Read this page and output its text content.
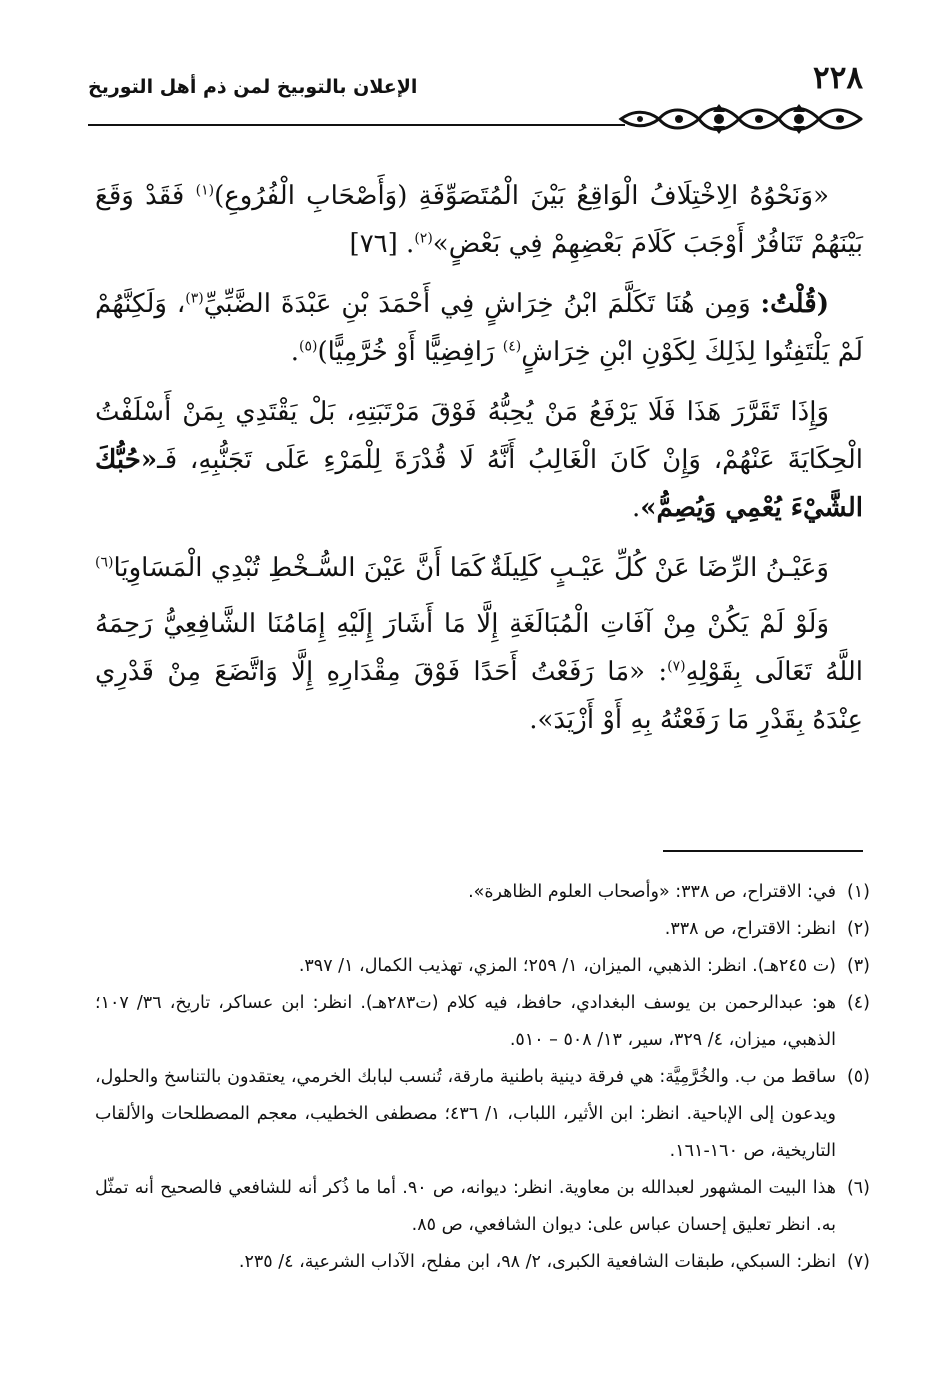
٢٢٨
الإعلان بالتوبيخ لمن ذم أهل التوريخ

«وَنَحْوُهُ الِاخْتِلَافُ الْوَاقِعُ بَيْنَ الْمُتَصَوِّفَةِ (وَأَصْحَابِ الْفُرُوعِ)$^{(١)}$ فَقَدْ وَقَعَ بَيْنَهُمْ تَنَافُرٌ أَوْجَبَ كَلَامَ بَعْضِهِمْ فِي بَعْضٍ»$^{(٢)}$. [٧٦]

(قُلْتُ: وَمِن هُنَا تَكَلَّمَ ابْنُ خِرَاشٍ فِي أَحْمَدَ بْنِ عَبْدَةَ الضَّبِّيِّ$^{(٣)}$، وَلَكِنَّهُمْ لَمْ يَلْتَفِتُوا لِذَلِكَ لِكَوْنِ ابْنِ خِرَاشٍ$^{(٤)}$ رَافِضِيًّا أَوْ خُرَّمِيًّا)$^{(٥)}$.

وَإِذَا تَقَرَّرَ هَذَا فَلَا يَرْفَعُ مَنْ يُحِبُّهُ فَوْقَ مَرْتَبَتِهِ، بَلْ يَقْتَدِي بِمَنْ أَسْلَفْتُ الْحِكَايَةَ عَنْهُمْ، وَإِنْ كَانَ الْغَالِبُ أَنَّهُ لَا قُدْرَةَ لِلْمَرْءِ عَلَى تَجَنُّبِهِ، فَـ«حُبُّكَ الشَّيْءَ يُعْمِي وَيُصِمُّ».

وَعَيْـنُ الرِّضَا عَنْ كُلِّ عَيْـبٍ كَلِيلَةٌ
كَمَا أَنَّ عَيْنَ السُّـخْطِ تُبْدِي الْمَسَاوِيَا$^{(٦)}$

وَلَوْ لَمْ يَكُنْ مِنْ آفَاتِ الْمُبَالَغَةِ إِلَّا مَا أَشَارَ إِلَيْهِ إِمَامُنَا الشَّافِعِيُّ رَحِمَهُ اللَّهُ تَعَالَى بِقَوْلِهِ$^{(٧)}$: «مَا رَفَعْتُ أَحَدًا فَوْقَ مِقْدَارِهِ إِلَّا وَاتَّضَعَ مِنْ قَدْرِي عِنْدَهُ بِقَدْرِ مَا رَفَعْتُهُ بِهِ أَوْ أَزْيَدَ».

(١)
في: الاقتراح، ص ٣٣٨: «وأصحاب العلوم الظاهرة».
(٢)
انظر: الاقتراح، ص ٣٣٨.
(٣)
(ت ٢٤٥هـ). انظر: الذهبي، الميزان، ١/ ٢٥٩؛ المزي، تهذيب الكمال، ١/ ٣٩٧.
(٤)
هو: عبدالرحمن بن يوسف البغدادي، حافظ، فيه كلام (ت٢٨٣هـ). انظر: ابن عساكر، تاريخ، ٣٦/ ١٠٧؛ الذهبي، ميزان، ٤/ ٣٢٩، سير، ١٣/ ٥٠٨ – ٥١٠.
(٥)
ساقط من ب. والخُرَّمِيَّة: هي فرقة دينية باطنية مارقة، تُنسب لبابك الخرمي، يعتقدون بالتناسخ والحلول، ويدعون إلى الإباحية. انظر: ابن الأثير، اللباب، ١/ ٤٣٦؛ مصطفى الخطيب، معجم المصطلحات والألقاب التاريخية، ص ١٦٠-١٦١.
(٦)
هذا البيت المشهور لعبدالله بن معاوية. انظر: ديوانه، ص ٩٠. أما ما ذُكر أنه للشافعي فالصحيح أنه تمثّل به. انظر تعليق إحسان عباس على: ديوان الشافعي، ص ٨٥.
(٧)
انظر: السبكي، طبقات الشافعية الكبرى، ٢/ ٩٨، ابن مفلح، الآداب الشرعية، ٤/ ٢٣٥.
